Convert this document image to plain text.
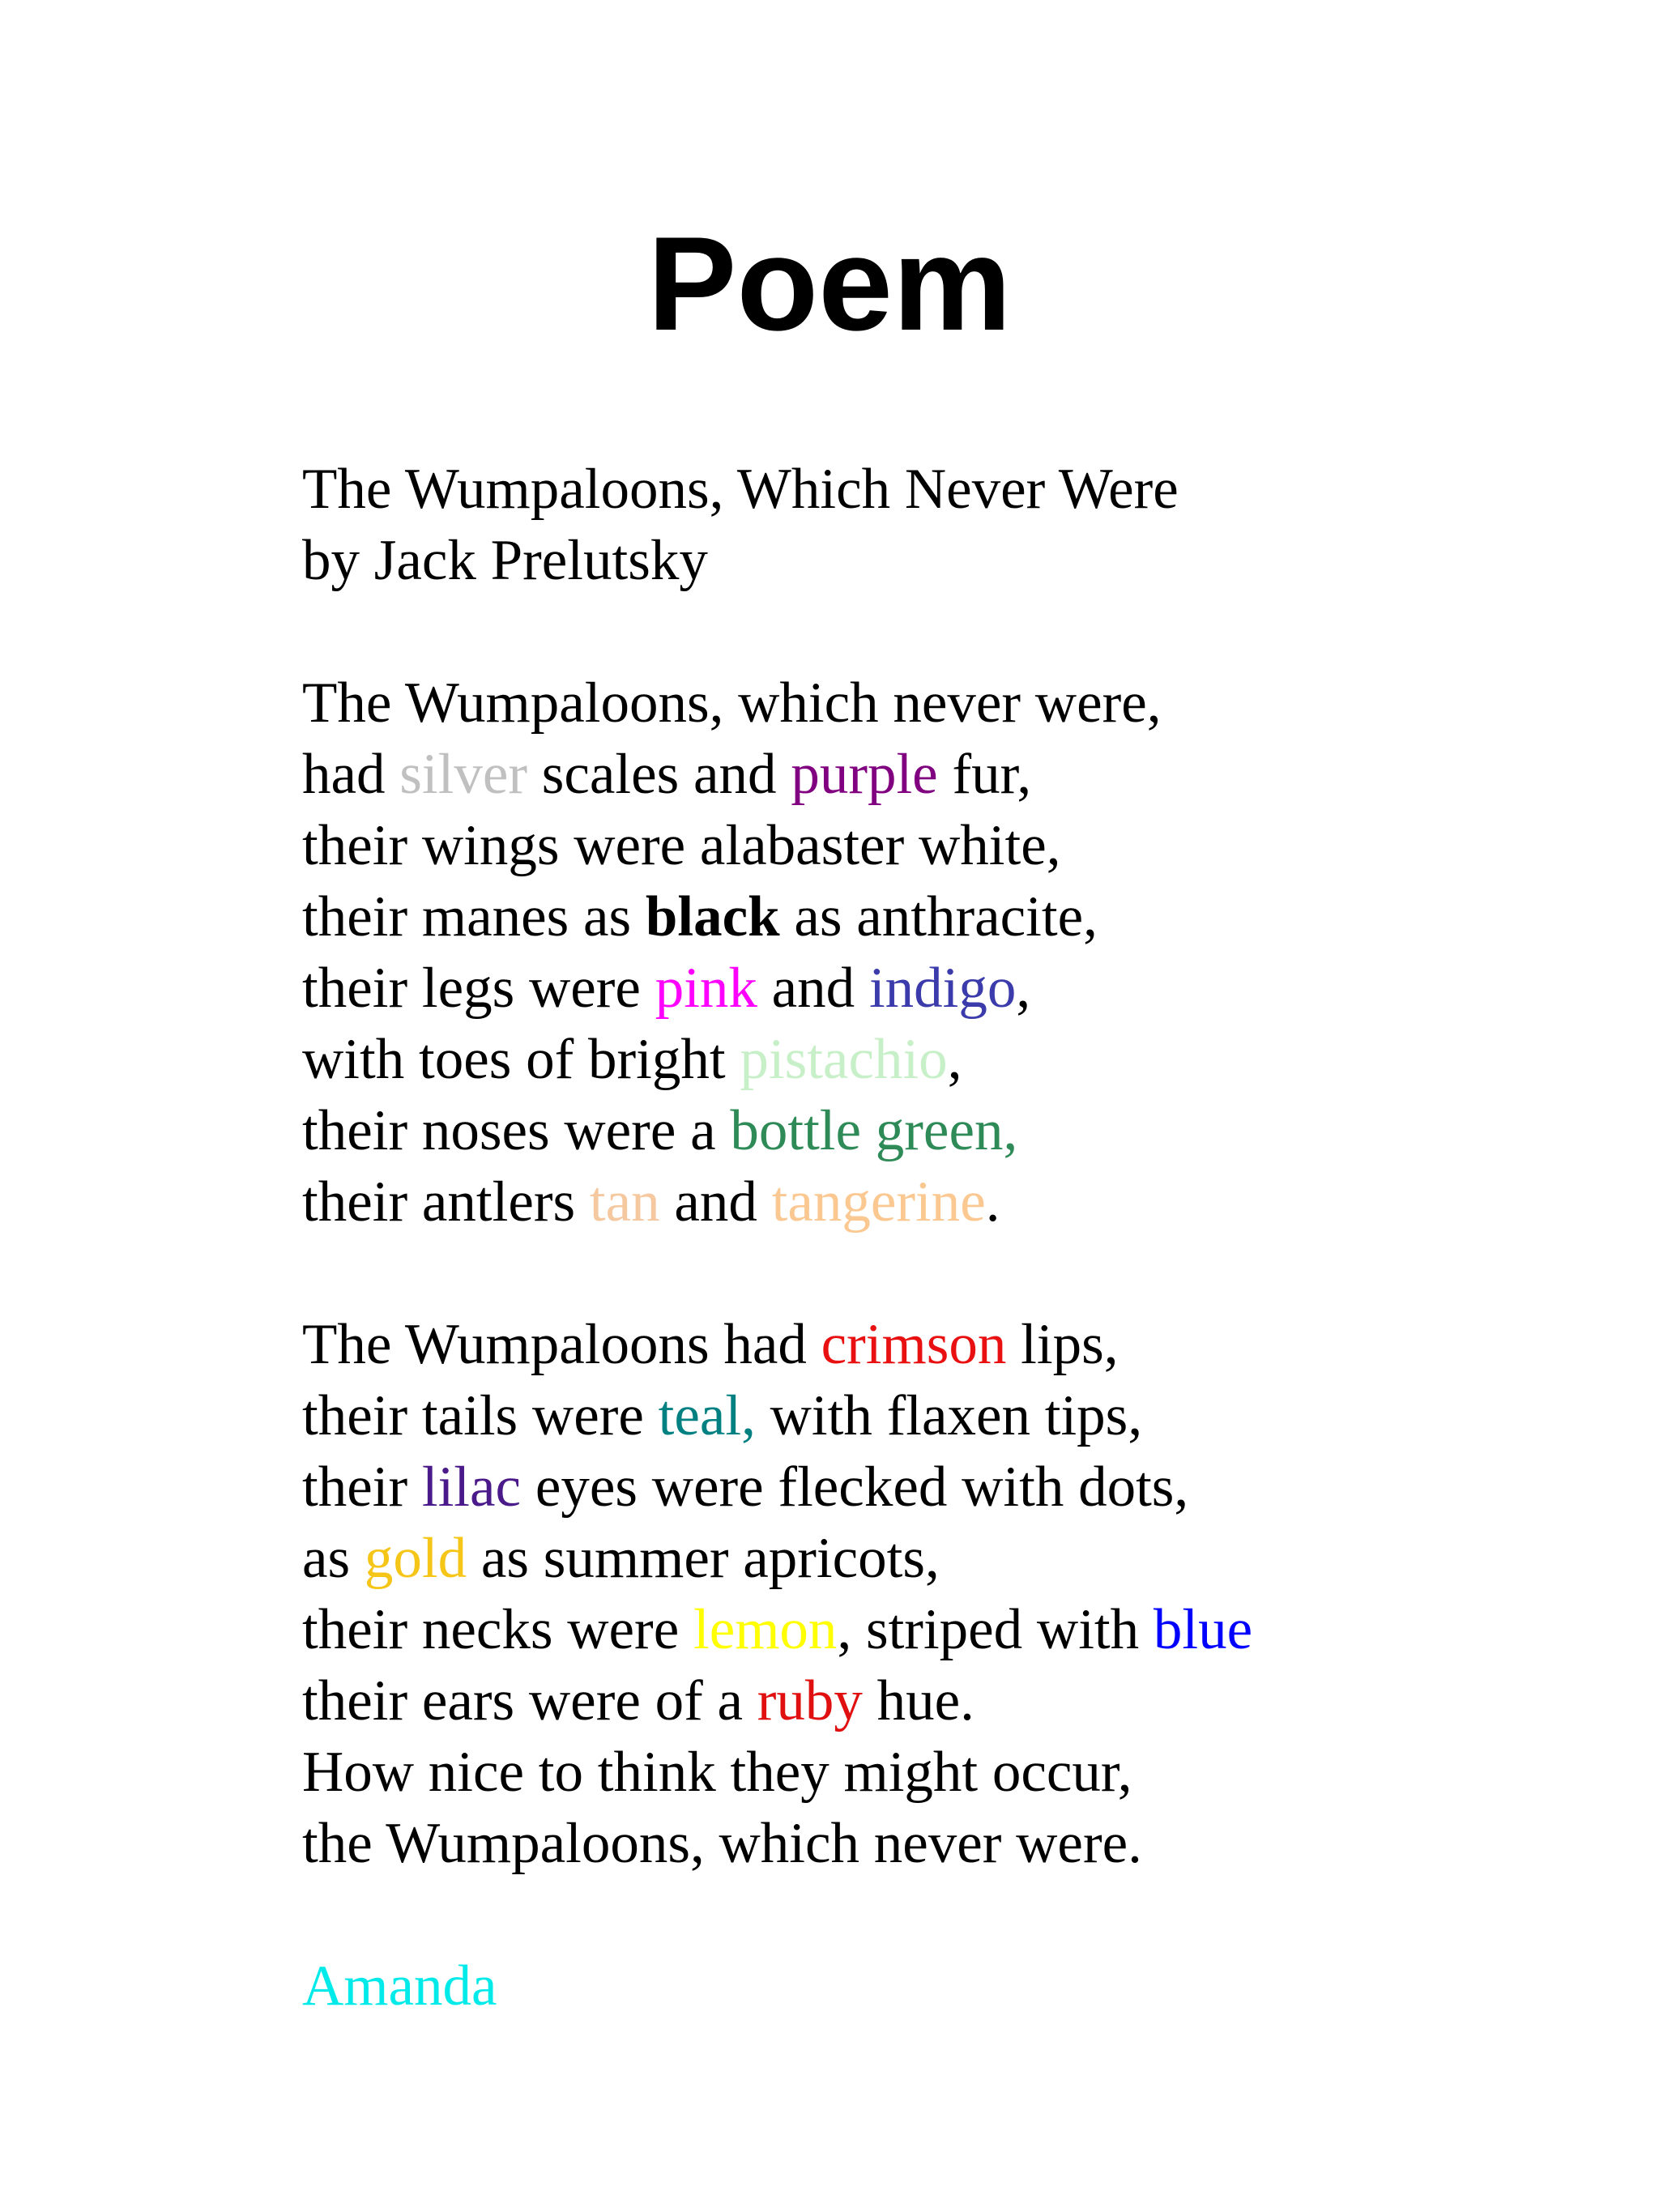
Poem
The Wumpaloons, Which Never Were
by Jack Prelutsky
The Wumpaloons, which never were,
had silver scales and purple fur,
their wings were alabaster white,
their manes as black as anthracite,
their legs were pink and indigo,
with toes of bright pistachio,
their noses were a bottle green,
their antlers tan and tangerine.
The Wumpaloons had crimson lips,
their tails were teal, with flaxen tips,
their lilac eyes were flecked with dots,
as gold as summer apricots,
their necks were lemon, striped with blue
their ears were of a ruby hue.
How nice to think they might occur,
the Wumpaloons, which never were.
Amanda
